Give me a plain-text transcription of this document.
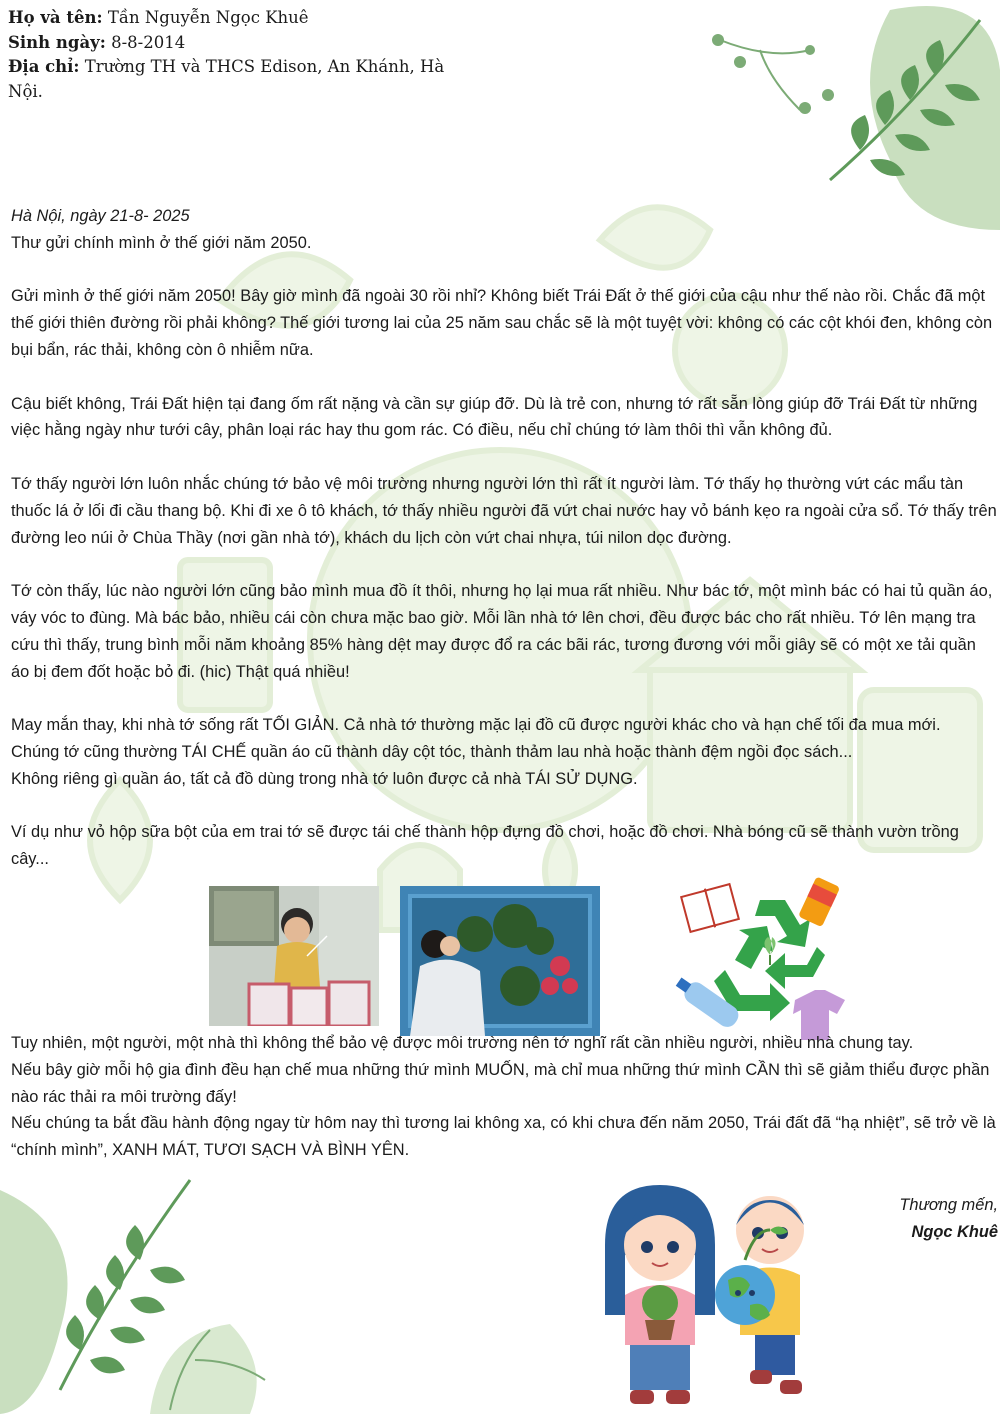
Họ và tên: Tần Nguyễn Ngọc Khuê
Sinh ngày: 8-8-2014
Địa chỉ: Trường TH và THCS Edison, An Khánh, Hà Nội.

Hà Nội, ngày 21-8- 2025

Thư gửi chính mình ở thế giới năm 2050.

Gửi mình ở thế giới năm 2050! Bây giờ mình đã ngoài 30 rồi nhỉ? Không biết Trái Đất ở thế giới của cậu như thế nào rồi. Chắc đã một thế giới thiên đường rồi phải không? Thế giới tương lai của 25 năm sau chắc sẽ là một tuyệt vời: không có các cột khói đen, không còn bụi bẩn, rác thải, không còn ô nhiễm nữa.

Cậu biết không, Trái Đất hiện tại đang ốm rất nặng và cần sự giúp đỡ. Dù là trẻ con, nhưng tớ rất sẵn lòng giúp đỡ Trái Đất từ những việc hằng ngày như tưới cây, phân loại rác hay thu gom rác. Có điều, nếu chỉ chúng tớ làm thôi thì vẫn không đủ.

Tớ thấy người lớn luôn nhắc chúng tớ bảo vệ môi trường nhưng người lớn thì rất ít người làm. Tớ thấy họ thường vứt các mẩu tàn thuốc lá ở lối đi cầu thang bộ. Khi đi xe ô tô khách, tớ thấy nhiều người đã vứt chai nước hay vỏ bánh kẹo ra ngoài cửa sổ. Tớ thấy trên đường leo núi ở Chùa Thầy (nơi gần nhà tớ), khách du lịch còn vứt chai nhựa, túi nilon dọc đường.

Tớ còn thấy, lúc nào người lớn cũng bảo mình mua đồ ít thôi, nhưng họ lại mua rất nhiều. Như bác tớ, một mình bác có hai tủ quần áo, váy vóc to đùng. Mà bác bảo, nhiều cái còn chưa mặc bao giờ. Mỗi lần nhà tớ lên chơi, đều được bác cho rất nhiều. Tớ lên mạng tra cứu thì thấy, trung bình mỗi năm khoảng 85% hàng dệt may được đổ ra các bãi rác, tương đương với mỗi giây sẽ có một xe tải quần áo bị đem đốt hoặc bỏ đi. (hic) Thật quá nhiều!

May mắn thay, khi nhà tớ sống rất TỐI GIẢN. Cả nhà tớ thường mặc lại đồ cũ được người khác cho và hạn chế tối đa mua mới.

Chúng tớ cũng thường TÁI CHẾ quần áo cũ thành dây cột tóc, thành thảm lau nhà hoặc thành đệm ngồi đọc sách...

Không riêng gì quần áo, tất cả đồ dùng trong nhà tớ luôn được cả nhà TÁI SỬ DỤNG.

Ví dụ như vỏ hộp sữa bột của em trai tớ sẽ được tái chế thành hộp đựng đồ chơi, hoặc đồ chơi. Nhà bóng cũ sẽ thành vườn trồng cây...

Tuy nhiên, một người, một nhà thì không thể bảo vệ được môi trường nên tớ nghĩ rất cần nhiều người, nhiều nhà chung tay.

Nếu bây giờ mỗi hộ gia đình đều hạn chế mua những thứ mình MUỐN, mà chỉ mua những thứ mình CẦN thì sẽ giảm thiểu được phần nào rác thải ra môi trường đấy!

Nếu chúng ta bắt đầu hành động ngay từ hôm nay thì tương lai không xa, có khi chưa đến năm 2050, Trái đất đã “hạ nhiệt”, sẽ trở về là “chính mình”, XANH MÁT, TƯƠI SẠCH VÀ BÌNH YÊN.

Thương mến,
Ngọc Khuê
